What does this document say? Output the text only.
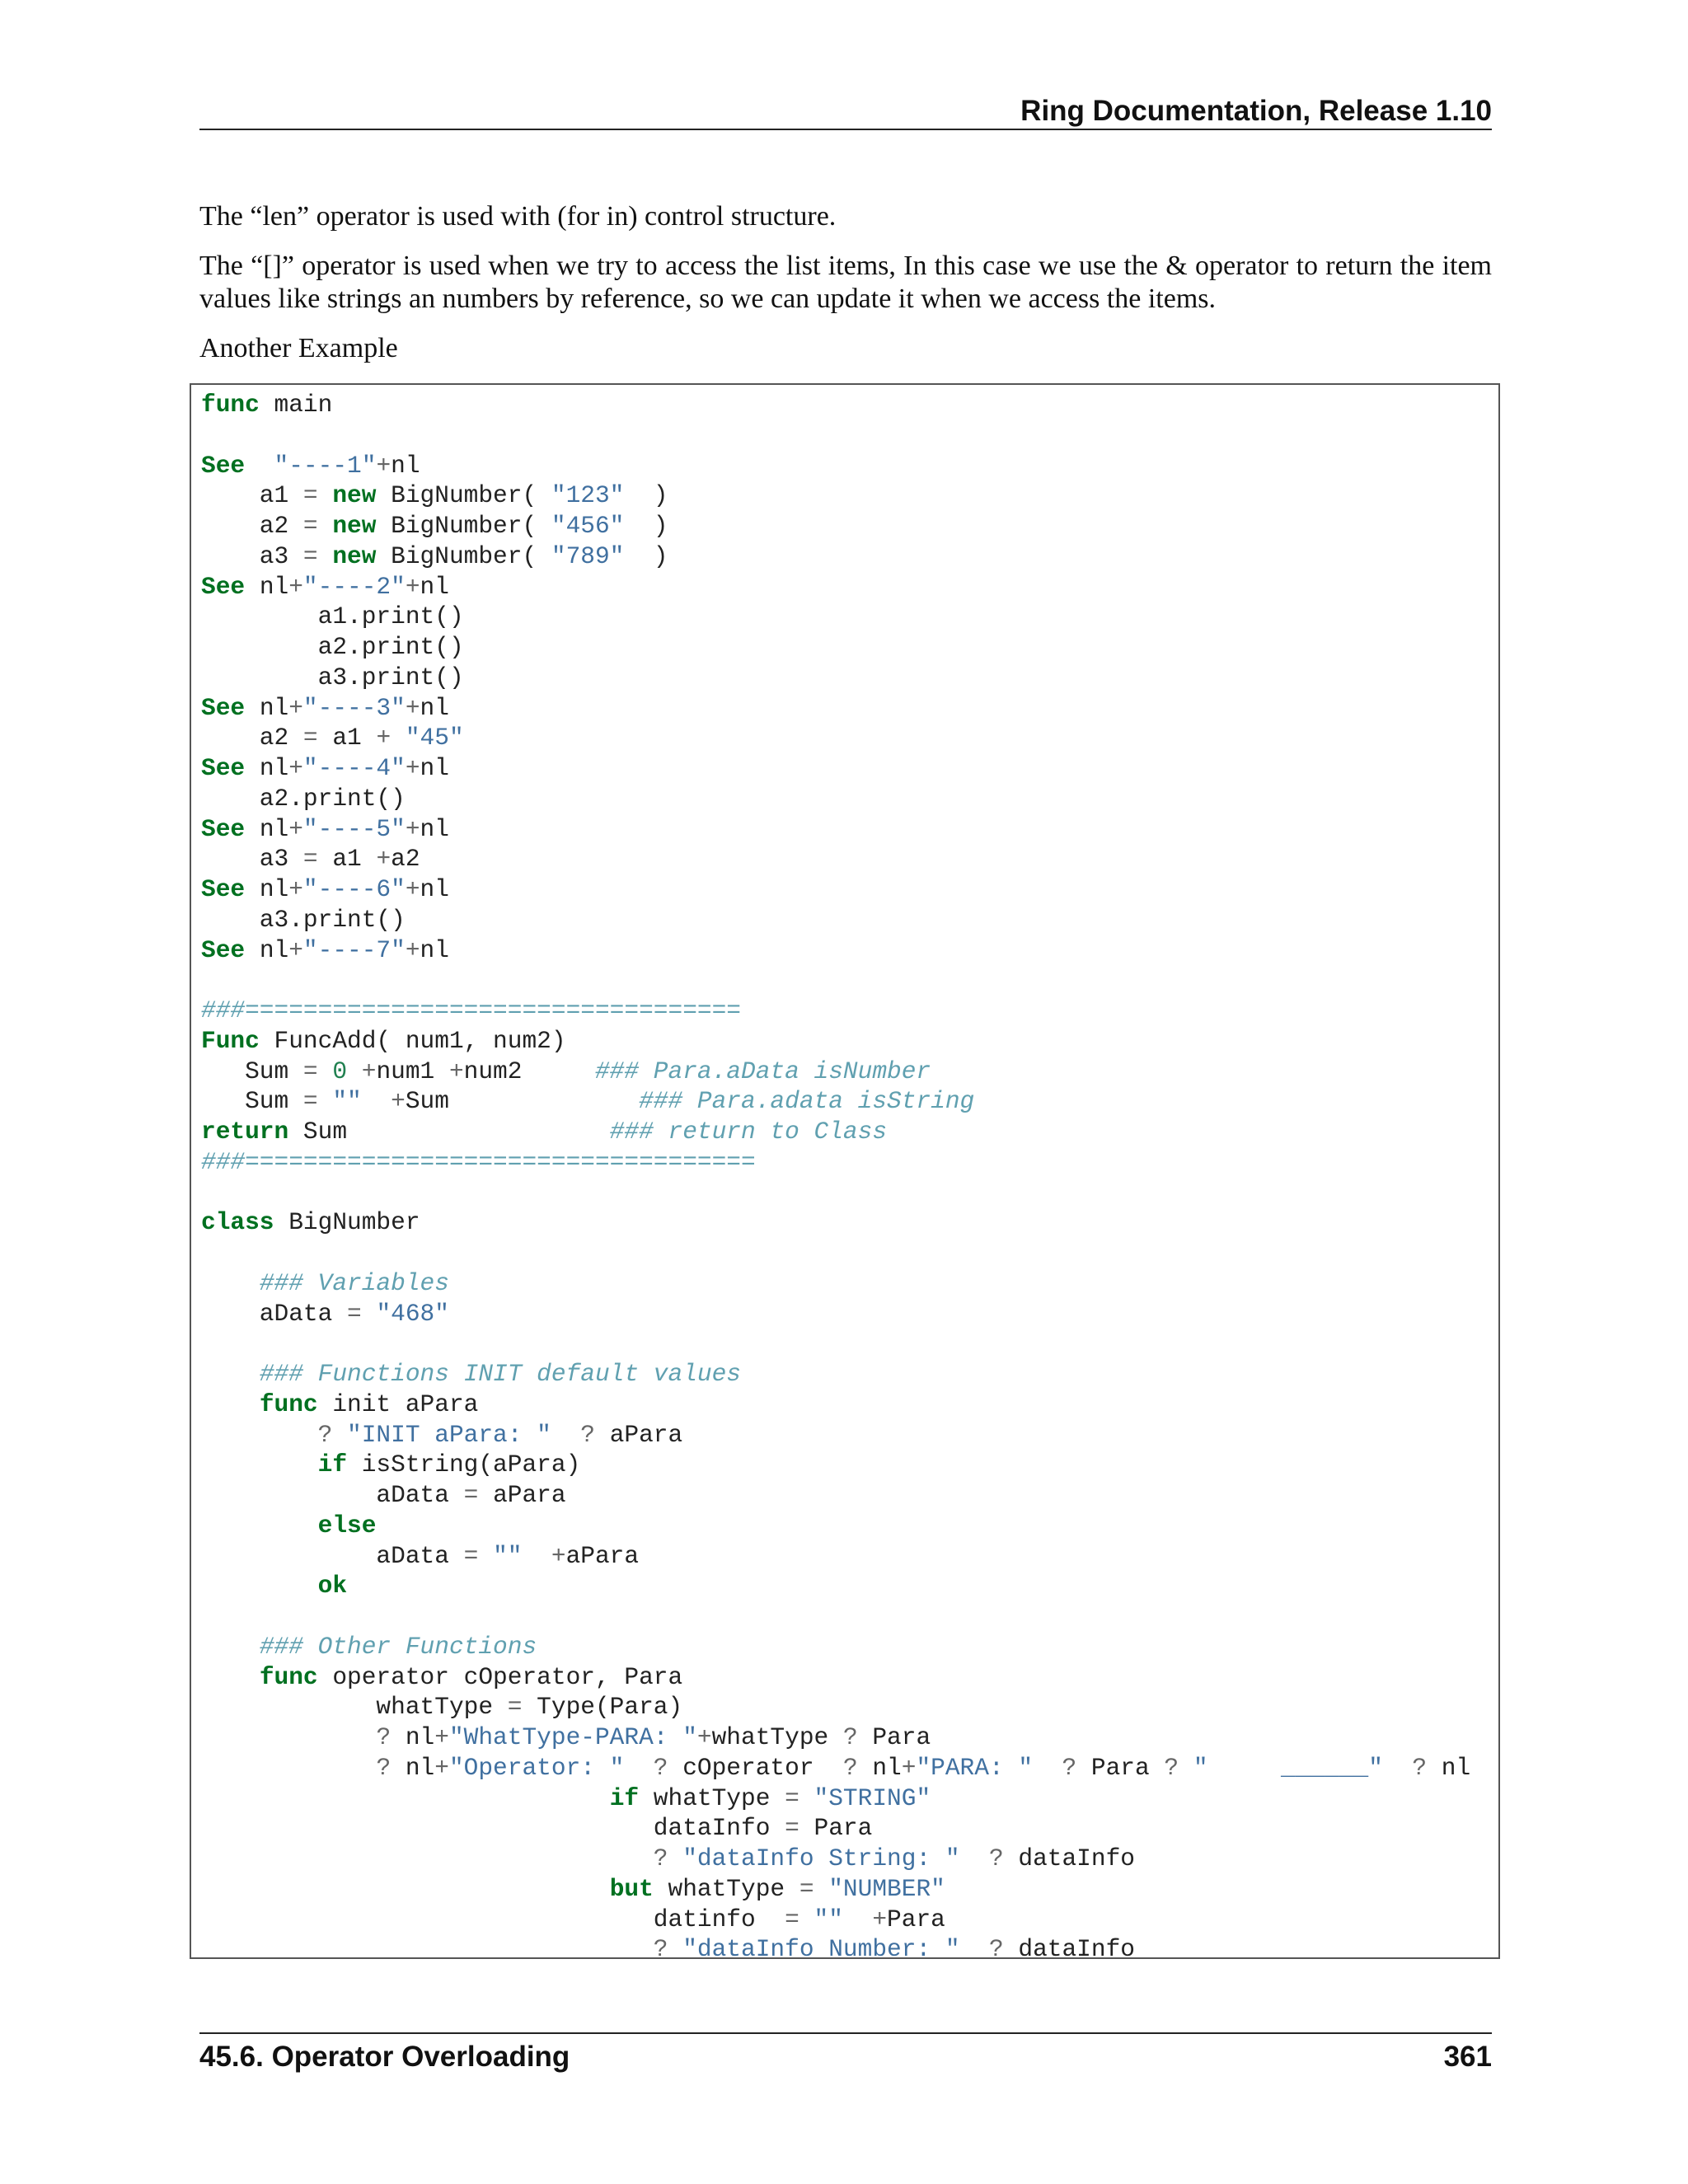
Ring Documentation, Release 1.10

The “len” operator is used with (for in) control structure.

The “[]” operator is used when we try to access the list items, In this case we use the & operator to return the item values like strings an numbers by reference, so we can update it when we access the items.

Another Example

func main

See "----1"+nl
a1 = new BigNumber( "123"  )
a2 = new BigNumber( "456"  )
a3 = new BigNumber( "789"  )
See nl+"----2"+nl
a1.print()
a2.print()
a3.print()
See nl+"----3"+nl
a2 = a1 + "45"
See nl+"----4"+nl
a2.print()
See nl+"----5"+nl
a3 = a1 +a2
See nl+"----6"+nl
a3.print()
See nl+"----7"+nl

###==================================
Func FuncAdd( num1, num2)
Sum = 0 +num1 +num2     ### Para.aData isNumber
Sum = "" +Sum             ### Para.adata isString
return Sum                  ### return to Class
###===================================

class BigNumber

### Variables
aData = "468"

### Functions INIT default values
func init aPara
? "INIT aPara: " ? aPara
if isString(aPara)
aData = aPara
else
aData = "" +aPara
ok

### Other Functions
func operator cOperator, Para
whatType = Type(Para)
? nl+"WhatType-PARA: "+whatType ? Para
? nl+"Operator: " ? cOperator  ? nl+"PARA: " ? Para ? "     ______" ? nl
if whatType = "STRING"
dataInfo = Para
? "dataInfo String: " ? dataInfo
but whatType = "NUMBER"
datinfo  = "" +Para
? "dataInfo Number: " ? dataInfo

45.6. Operator Overloading	361
